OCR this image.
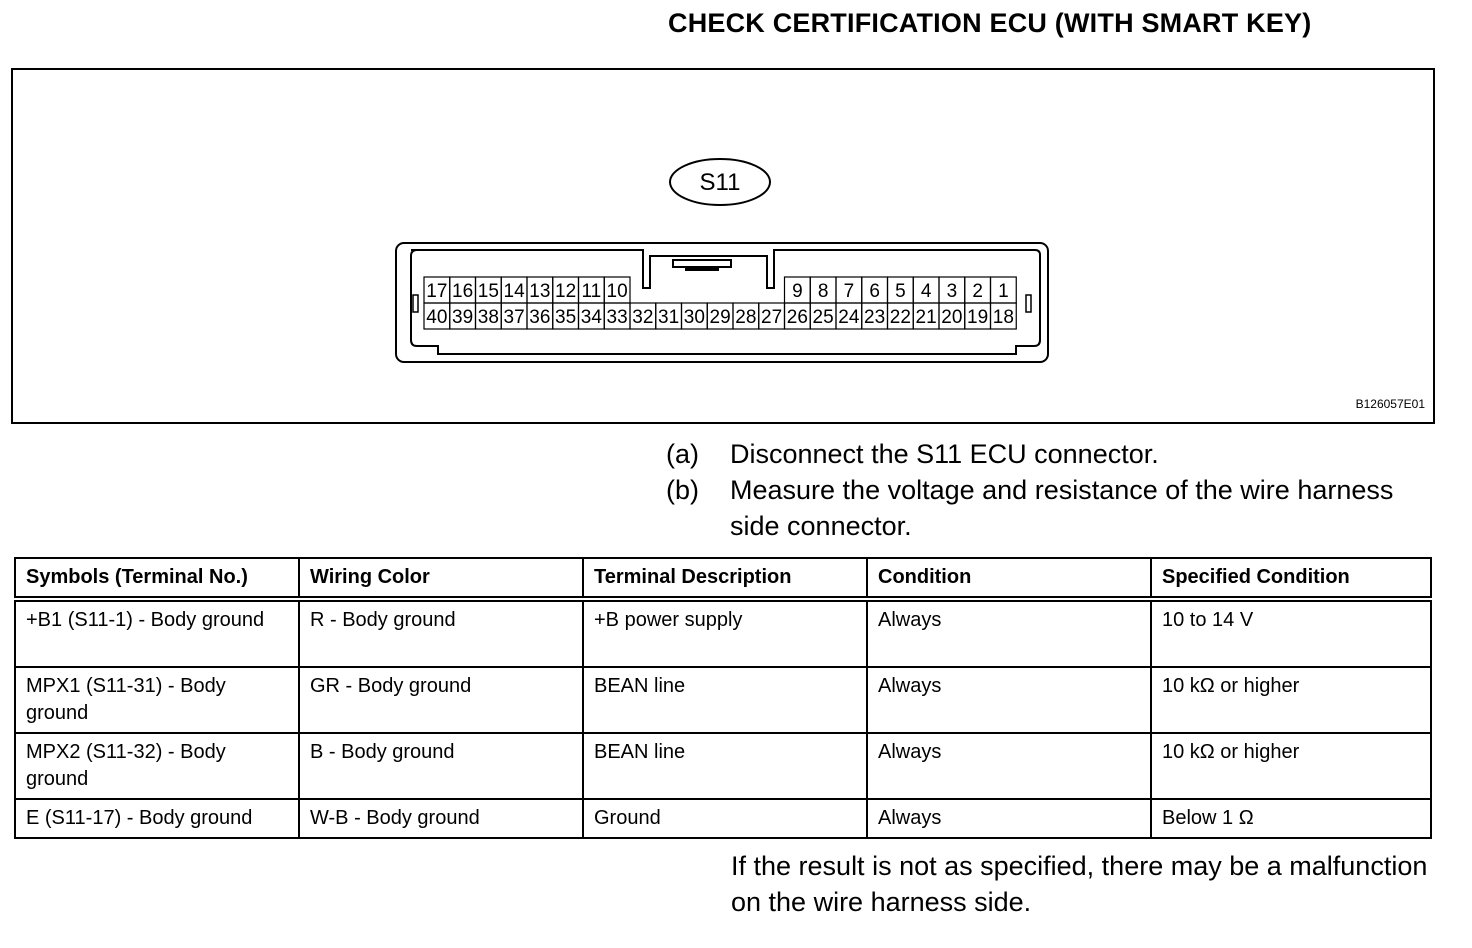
CHECK CERTIFICATION ECU (WITH SMART KEY)
S11
40 39 38 37 36 35 34 33 32 31 30 29 28 27 26 25 24 23 22 21 20 19 18
17 16 15 14 13 12 11 10	9 8 7 6 5 4 3 2 1
B126057E01
(a)	Disconnect the S11 ECU connector.
(b)	Measure the voltage and resistance of the wire harness side connector.
Symbols (Terminal No.)	Wiring Color	Terminal Description	Condition	Specified Condition
+B1 (S11-1) - Body ground	R - Body ground	+B power supply	Always	10 to 14 V
MPX1 (S11-31) - Body ground	GR - Body ground	BEAN line	Always	10 kΩ or higher
MPX2 (S11-32) - Body ground	B - Body ground	BEAN line	Always	10 kΩ or higher
E (S11-17) - Body ground	W-B - Body ground	Ground	Always	Below 1 Ω
If the result is not as specified, there may be a malfunction on the wire harness side.
